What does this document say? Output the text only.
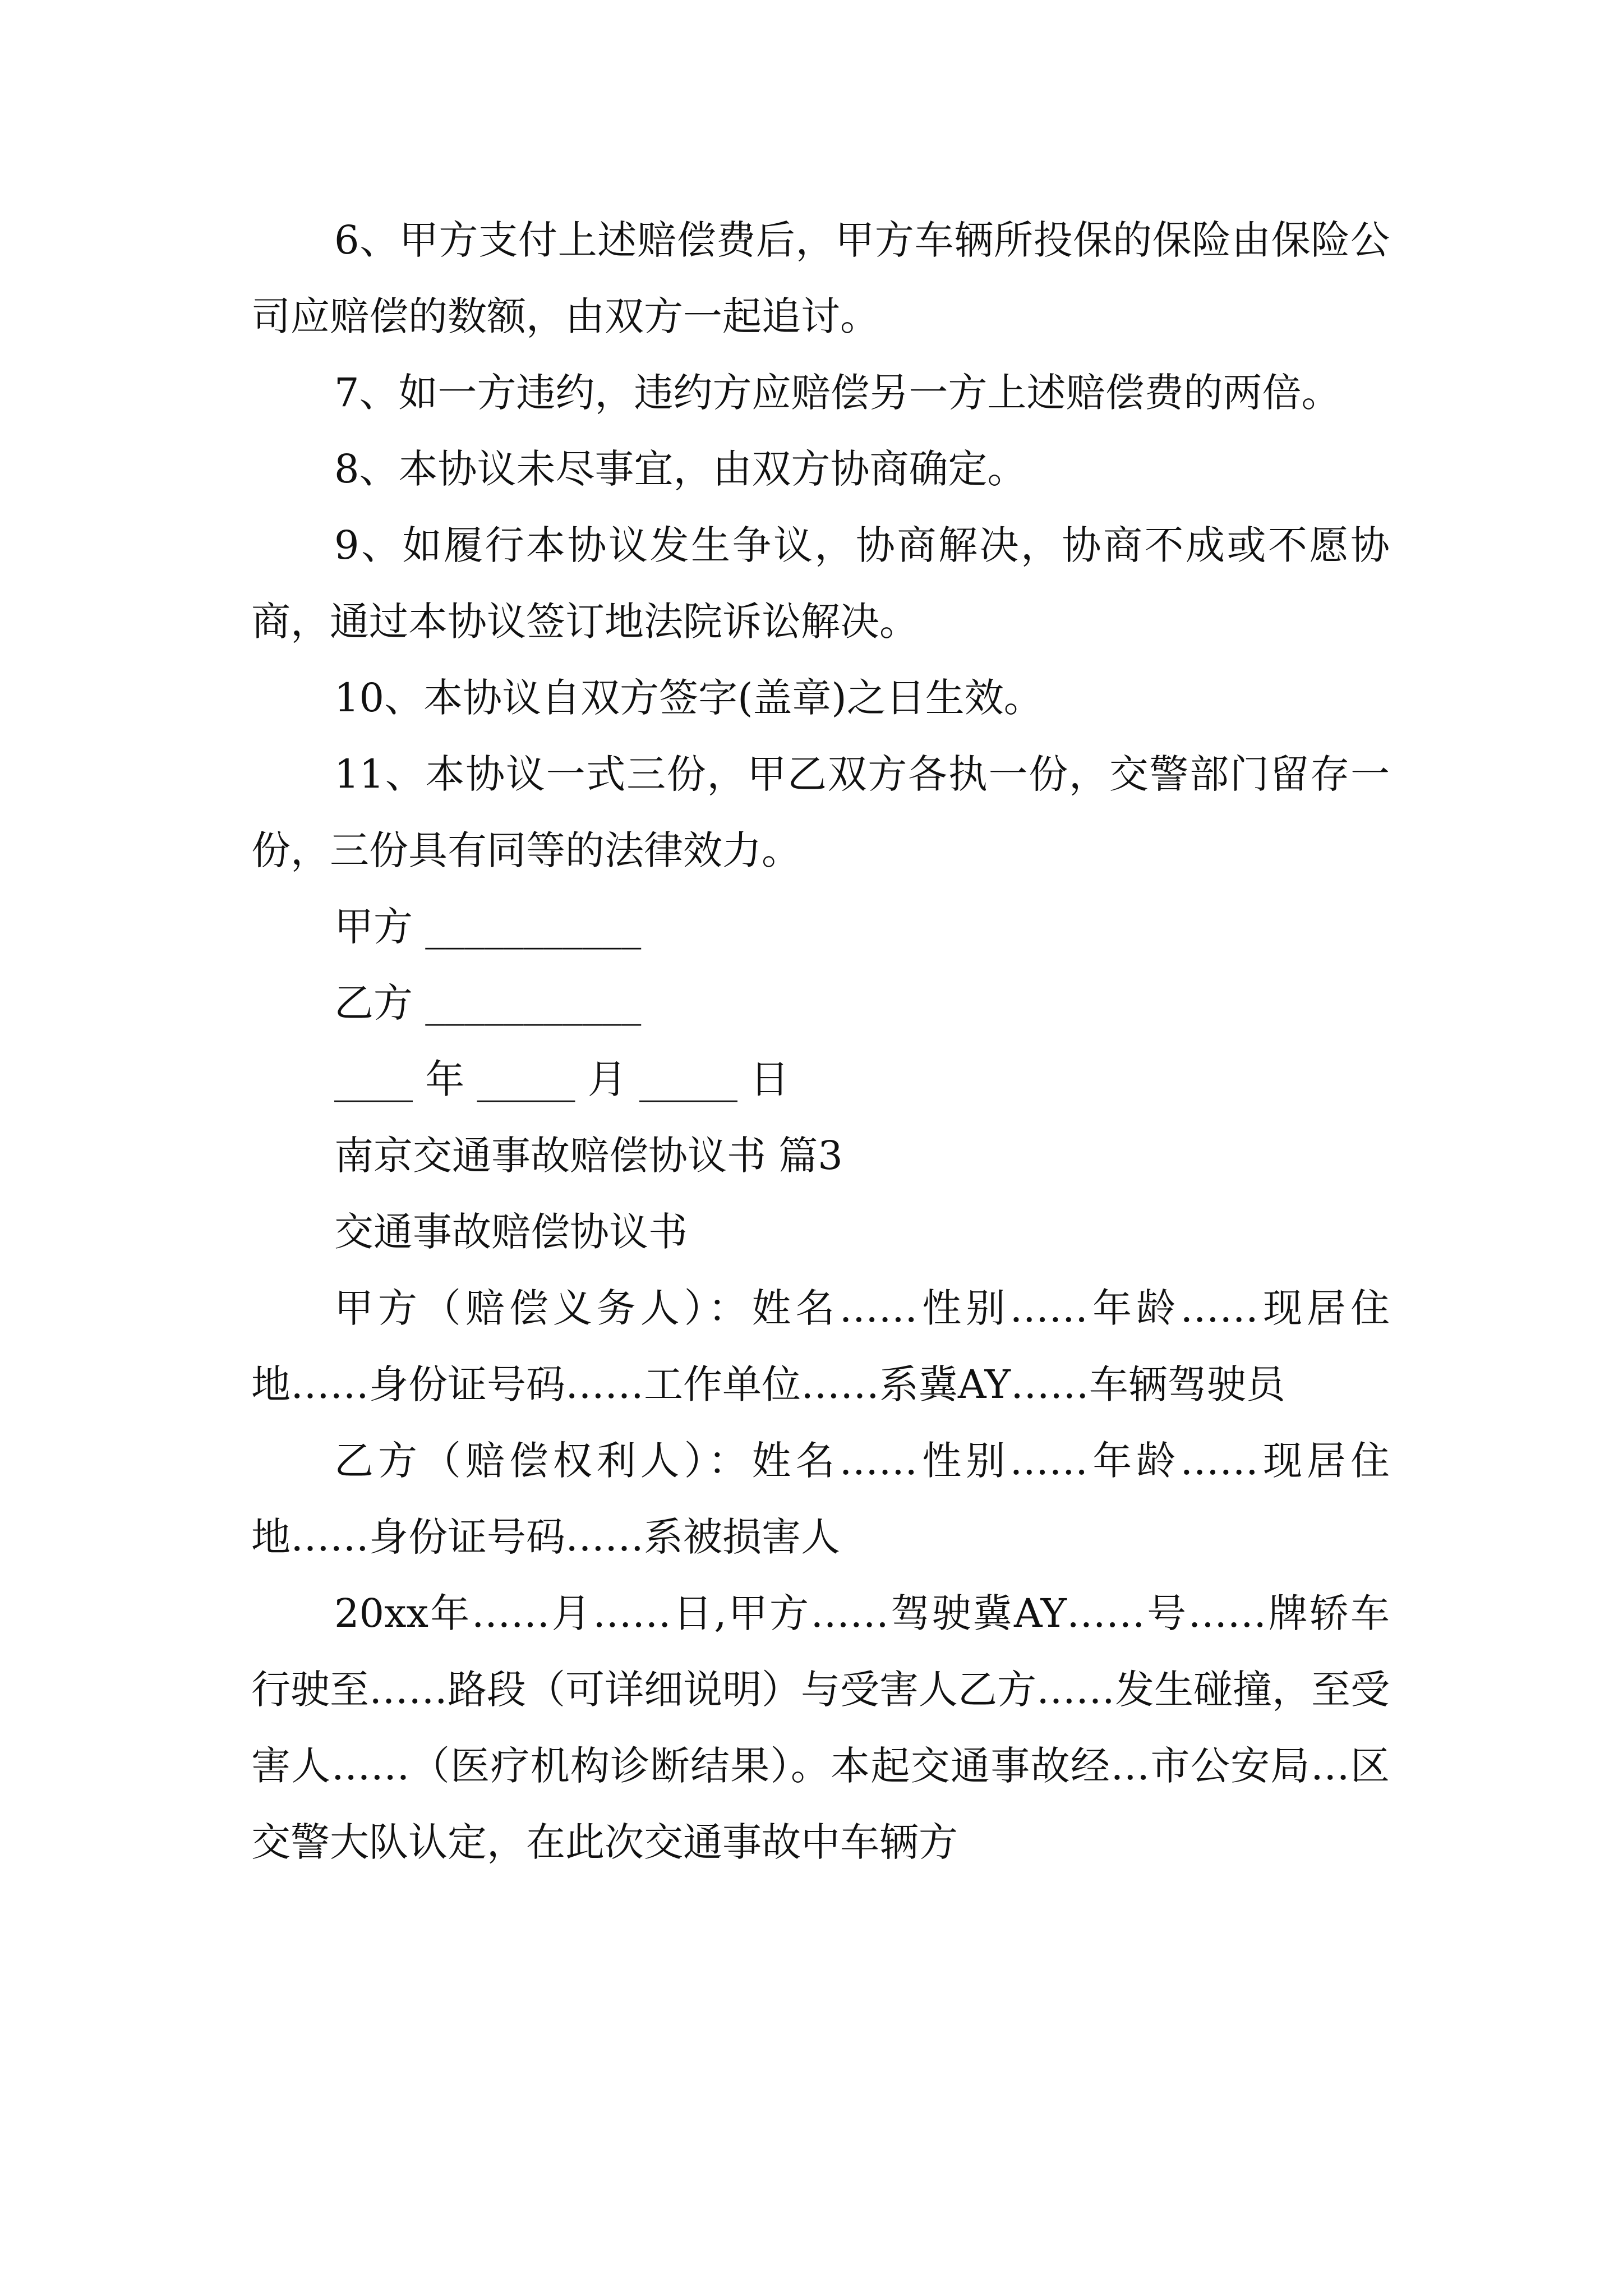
6、甲方支付上述赔偿费后，甲方车辆所投保的保险由保险公司应赔偿的数额，由双方一起追讨。

7、如一方违约，违约方应赔偿另一方上述赔偿费的两倍。

8、本协议未尽事宜，由双方协商确定。

9、如履行本协议发生争议，协商解决，协商不成或不愿协商，通过本协议签订地法院诉讼解决。

10、本协议自双方签字(盖章)之日生效。

11、本协议一式三份，甲乙双方各执一份，交警部门留存一份，三份具有同等的法律效力。

甲方 ___________

乙方 ___________

____ 年 _____ 月 _____ 日

南京交通事故赔偿协议书 篇3

交通事故赔偿协议书

甲方（赔偿义务人）：姓名……性别……年龄……现居住地……身份证号码……工作单位……系冀AY……车辆驾驶员

乙方（赔偿权利人）：姓名……性别……年龄……现居住地……身份证号码……系被损害人

20xx年……月……日,甲方……驾驶冀AY……号……牌轿车行驶至……路段（可详细说明）与受害人乙方……发生碰撞，至受害人……（医疗机构诊断结果）。本起交通事故经…市公安局…区交警大队认定，在此次交通事故中车辆方
